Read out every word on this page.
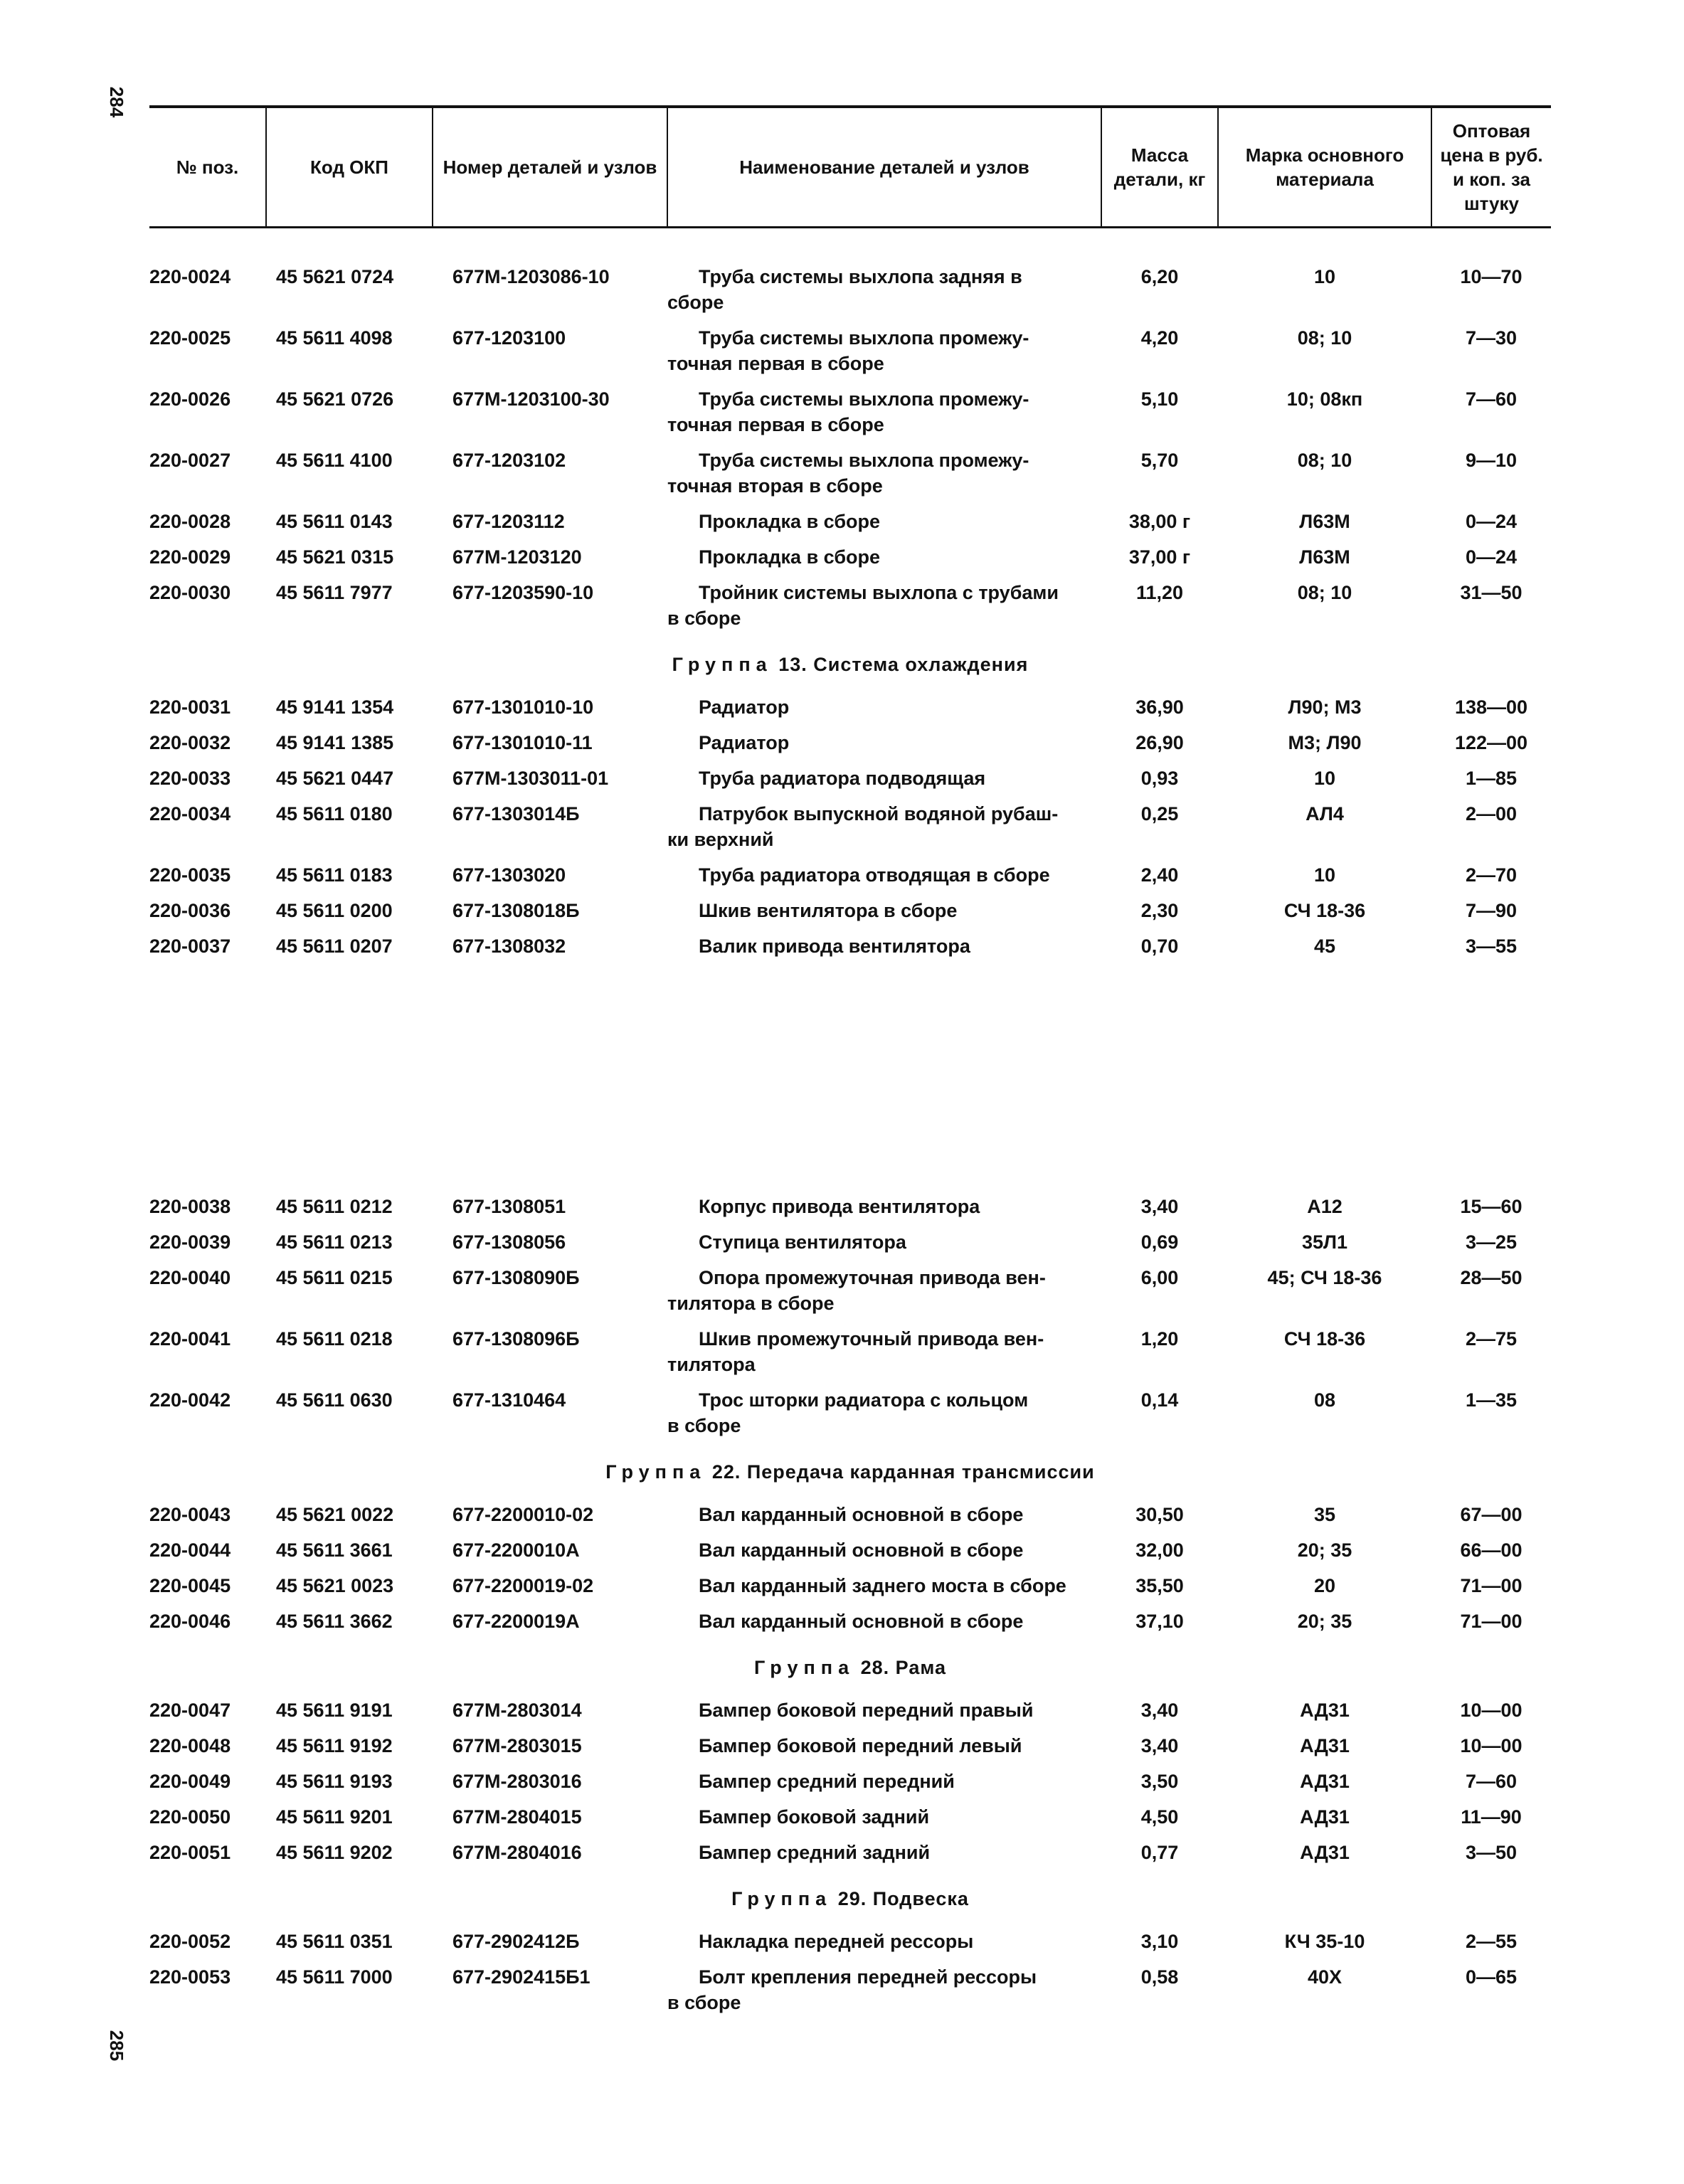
284
285
№ поз.	Код ОКП	Номер деталей и узлов	Наименование деталей и узлов	Масса детали, кг	Марка основного материала	Оптовая цена в руб. и коп. за штуку
220-0024	45 5621 0724	677М-1203086-10	Труба системы выхлопа задняя в
сборе	6,20	10	10—70
220-0025	45 5611 4098	677-1203100	Труба системы выхлопа промежу-
точная первая в сборе	4,20	08; 10	7—30
220-0026	45 5621 0726	677М-1203100-30	Труба системы выхлопа промежу-
точная первая в сборе	5,10	10; 08кп	7—60
220-0027	45 5611 4100	677-1203102	Труба системы выхлопа промежу-
точная вторая в сборе	5,70	08; 10	9—10
220-0028	45 5611 0143	677-1203112	Прокладка в сборе	38,00 г	Л63М	0—24
220-0029	45 5621 0315	677М-1203120	Прокладка в сборе	37,00 г	Л63М	0—24
220-0030	45 5611 7977	677-1203590-10	Тройник системы выхлопа с трубами
в сборе	11,20	08; 10	31—50
Группа 13. Система охлаждения
220-0031	45 9141 1354	677-1301010-10	Радиатор	36,90	Л90; М3	138—00
220-0032	45 9141 1385	677-1301010-11	Радиатор	26,90	М3; Л90	122—00
220-0033	45 5621 0447	677М-1303011-01	Труба радиатора подводящая	0,93	10	1—85
220-0034	45 5611 0180	677-1303014Б	Патрубок выпускной водяной рубаш-
ки верхний	0,25	АЛ4	2—00
220-0035	45 5611 0183	677-1303020	Труба радиатора отводящая в сборе	2,40	10	2—70
220-0036	45 5611 0200	677-1308018Б	Шкив вентилятора в сборе	2,30	СЧ 18-36	7—90
220-0037	45 5611 0207	677-1308032	Валик привода вентилятора	0,70	45	3—55
220-0038	45 5611 0212	677-1308051	Корпус привода вентилятора	3,40	А12	15—60
220-0039	45 5611 0213	677-1308056	Ступица вентилятора	0,69	35Л1	3—25
220-0040	45 5611 0215	677-1308090Б	Опора промежуточная привода вен-
тилятора в сборе	6,00	45; СЧ 18-36	28—50
220-0041	45 5611 0218	677-1308096Б	Шкив промежуточный привода вен-
тилятора	1,20	СЧ 18-36	2—75
220-0042	45 5611 0630	677-1310464	Трос шторки радиатора с кольцом
в сборе	0,14	08	1—35
Группа 22. Передача карданная трансмиссии
220-0043	45 5621 0022	677-2200010-02	Вал карданный основной в сборе	30,50	35	67—00
220-0044	45 5611 3661	677-2200010А	Вал карданный основной в сборе	32,00	20; 35	66—00
220-0045	45 5621 0023	677-2200019-02	Вал карданный заднего моста в сборе	35,50	20	71—00
220-0046	45 5611 3662	677-2200019А	Вал карданный основной в сборе	37,10	20; 35	71—00
Группа 28. Рама
220-0047	45 5611 9191	677М-2803014	Бампер боковой передний правый	3,40	АД31	10—00
220-0048	45 5611 9192	677М-2803015	Бампер боковой передний левый	3,40	АД31	10—00
220-0049	45 5611 9193	677М-2803016	Бампер средний передний	3,50	АД31	7—60
220-0050	45 5611 9201	677М-2804015	Бампер боковой задний	4,50	АД31	11—90
220-0051	45 5611 9202	677М-2804016	Бампер средний задний	0,77	АД31	3—50
Группа 29. Подвеска
220-0052	45 5611 0351	677-2902412Б	Накладка передней рессоры	3,10	КЧ 35-10	2—55
220-0053	45 5611 7000	677-2902415Б1	Болт крепления передней рессоры
в сборе	0,58	40Х	0—65
